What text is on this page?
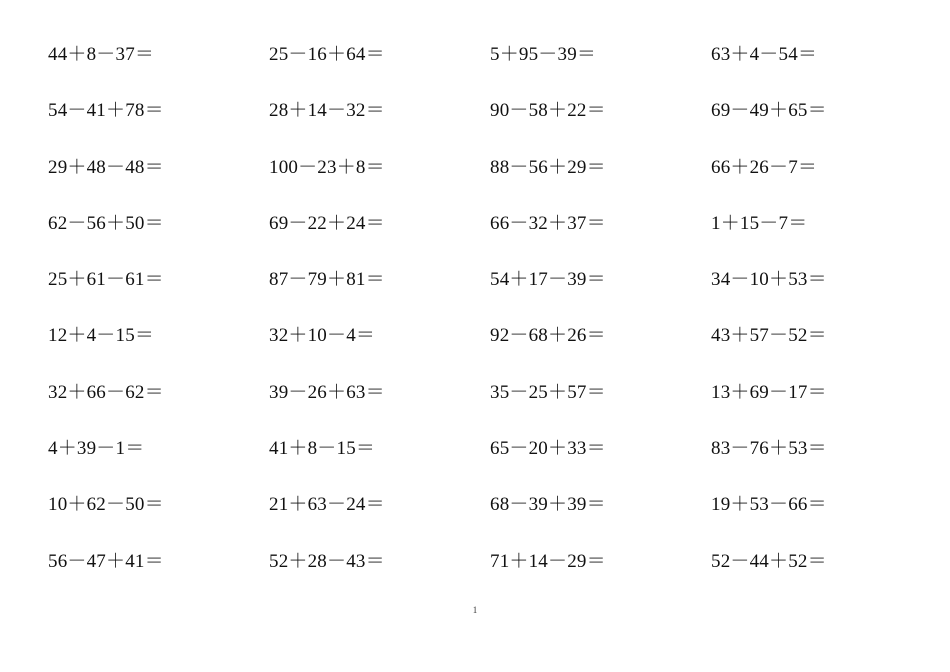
44＋8－37＝	25－16＋64＝	5＋95－39＝	63＋4－54＝
54－41＋78＝	28＋14－32＝	90－58＋22＝	69－49＋65＝
29＋48－48＝	100－23＋8＝	88－56＋29＝	66＋26－7＝
62－56＋50＝	69－22＋24＝	66－32＋37＝	1＋15－7＝
25＋61－61＝	87－79＋81＝	54＋17－39＝	34－10＋53＝
12＋4－15＝	32＋10－4＝	92－68＋26＝	43＋57－52＝
32＋66－62＝	39－26＋63＝	35－25＋57＝	13＋69－17＝
4＋39－1＝	41＋8－15＝	65－20＋33＝	83－76＋53＝
10＋62－50＝	21＋63－24＝	68－39＋39＝	19＋53－66＝
56－47＋41＝	52＋28－43＝	71＋14－29＝	52－44＋52＝
1
